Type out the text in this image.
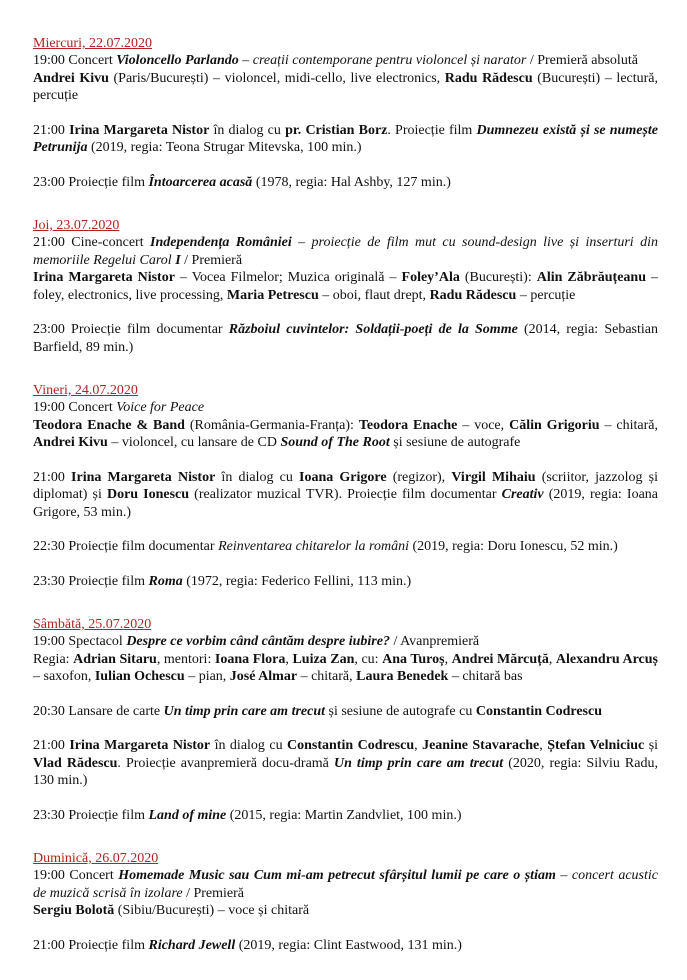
Miercuri, 22.07.2020
19:00 Concert Violoncello Parlando – creații contemporane pentru violoncel și narator / Premieră absolută
Andrei Kivu (Paris/București) – violoncel, midi-cello, live electronics, Radu Rădescu (București) – lectură, percuție
21:00 Irina Margareta Nistor în dialog cu pr. Cristian Borz. Proiecție film Dumnezeu există și se numește Petrunija (2019, regia: Teona Strugar Mitevska, 100 min.)
23:00 Proiecție film Întoarcerea acasă (1978, regia: Hal Ashby, 127 min.)
Joi, 23.07.2020
21:00 Cine-concert Independența României – proiecție de film mut cu sound-design live și inserturi din memoriile Regelui Carol I / Premieră
Irina Margareta Nistor – Vocea Filmelor; Muzica originală – Foley’Ala (București): Alin Zăbrăuțeanu – foley, electronics, live processing, Maria Petrescu – oboi, flaut drept, Radu Rădescu – percuție
23:00 Proiecție film documentar Războiul cuvintelor: Soldații-poeți de la Somme (2014, regia: Sebastian Barfield, 89 min.)
Vineri, 24.07.2020
19:00 Concert Voice for Peace
Teodora Enache & Band (România-Germania-Franța): Teodora Enache – voce, Călin Grigoriu – chitară, Andrei Kivu – violoncel, cu lansare de CD Sound of The Root și sesiune de autografe
21:00 Irina Margareta Nistor în dialog cu Ioana Grigore (regizor), Virgil Mihaiu (scriitor, jazzolog și diplomat) și Doru Ionescu (realizator muzical TVR). Proiecție film documentar Creativ (2019, regia: Ioana Grigore, 53 min.)
22:30 Proiecție film documentar Reinventarea chitarelor la români (2019, regia: Doru Ionescu, 52 min.)
23:30 Proiecție film Roma (1972, regia: Federico Fellini, 113 min.)
Sâmbătă, 25.07.2020
19:00 Spectacol Despre ce vorbim când cântăm despre iubire? / Avanpremieră
Regia: Adrian Sitaru, mentori: Ioana Flora, Luiza Zan, cu: Ana Turoș, Andrei Mărcuță, Alexandru Arcuș – saxofon, Iulian Ochescu – pian, José Almar – chitară, Laura Benedek – chitară bas
20:30 Lansare de carte Un timp prin care am trecut și sesiune de autografe cu Constantin Codrescu
21:00 Irina Margareta Nistor în dialog cu Constantin Codrescu, Jeanine Stavarache, Ștefan Velniciuc și Vlad Rădescu. Proiecție avanpremieră docu-dramă Un timp prin care am trecut (2020, regia: Silviu Radu, 130 min.)
23:30 Proiecție film Land of mine (2015, regia: Martin Zandvliet, 100 min.)
Duminică, 26.07.2020
19:00 Concert Homemade Music sau Cum mi-am petrecut sfârșitul lumii pe care o știam – concert acustic de muzică scrisă în izolare / Premieră
Sergiu Bolotă (Sibiu/București) – voce și chitară
21:00 Proiecție film Richard Jewell (2019, regia: Clint Eastwood, 131 min.)
